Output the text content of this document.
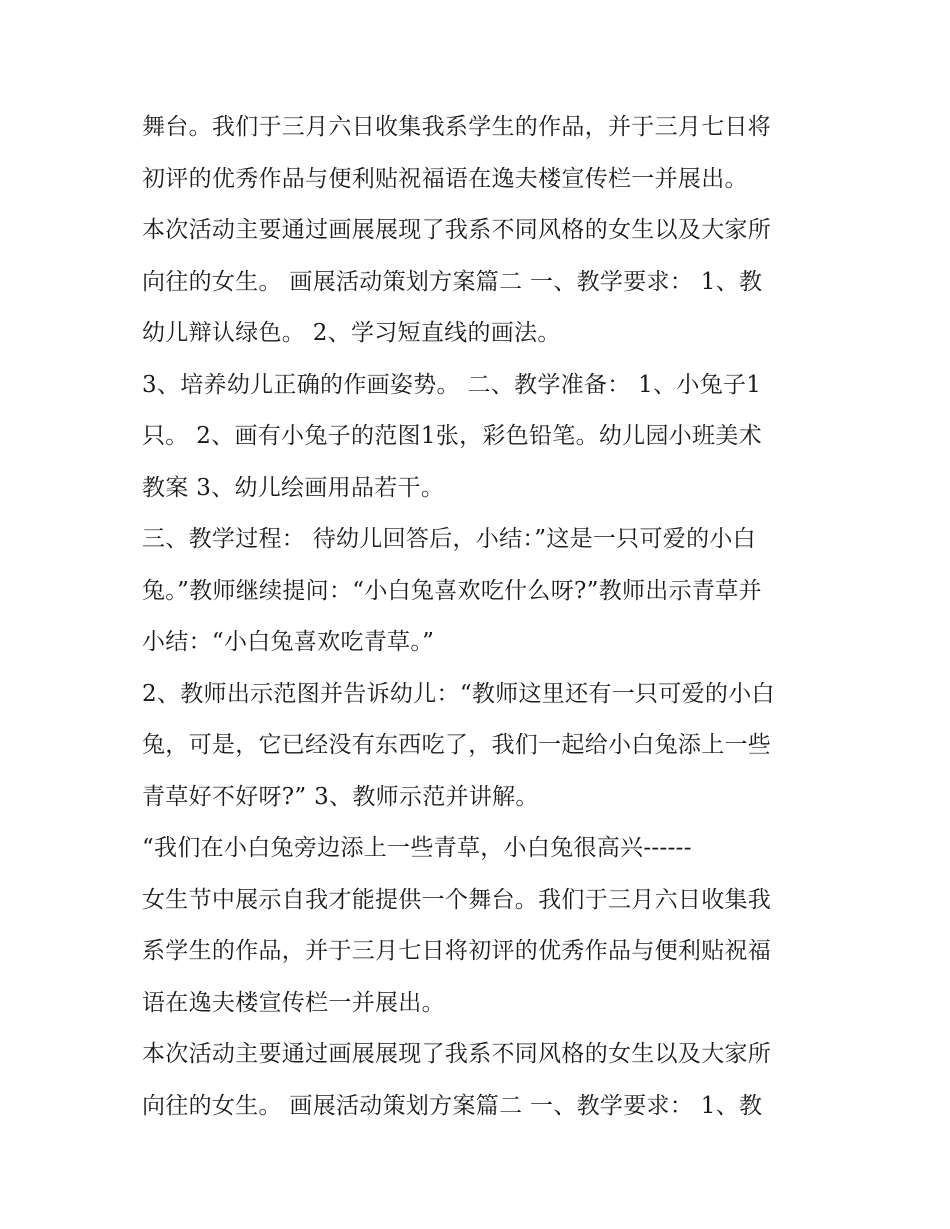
舞台。我们于三月六日收集我系学生的作品，并于三月七日将
初评的优秀作品与便利贴祝福语在逸夫楼宣传栏一并展出。
本次活动主要通过画展展现了我系不同风格的女生以及大家所
向往的女生。 画展活动策划方案篇二 一、教学要求： 1、教
幼儿辩认绿色。 2、学习短直线的画法。
3、培养幼儿正确的作画姿势。 二、教学准备： 1、小兔子1
只。 2、画有小兔子的范图1张，彩色铅笔。幼儿园小班美术
教案 3、幼儿绘画用品若干。
三、教学过程： 待幼儿回答后，小结：”这是一只可爱的小白
兔。”教师继续提问：“小白兔喜欢吃什么呀?”教师出示青草并
小结：“小白兔喜欢吃青草。”
2、教师出示范图并告诉幼儿：“教师这里还有一只可爱的小白
兔，可是，它已经没有东西吃了，我们一起给小白兔添上一些
青草好不好呀?” 3、教师示范并讲解。
“我们在小白兔旁边添上一些青草，小白兔很高兴------
女生节中展示自我才能提供一个舞台。我们于三月六日收集我
系学生的作品，并于三月七日将初评的优秀作品与便利贴祝福
语在逸夫楼宣传栏一并展出。
本次活动主要通过画展展现了我系不同风格的女生以及大家所
向往的女生。 画展活动策划方案篇二 一、教学要求： 1、教
